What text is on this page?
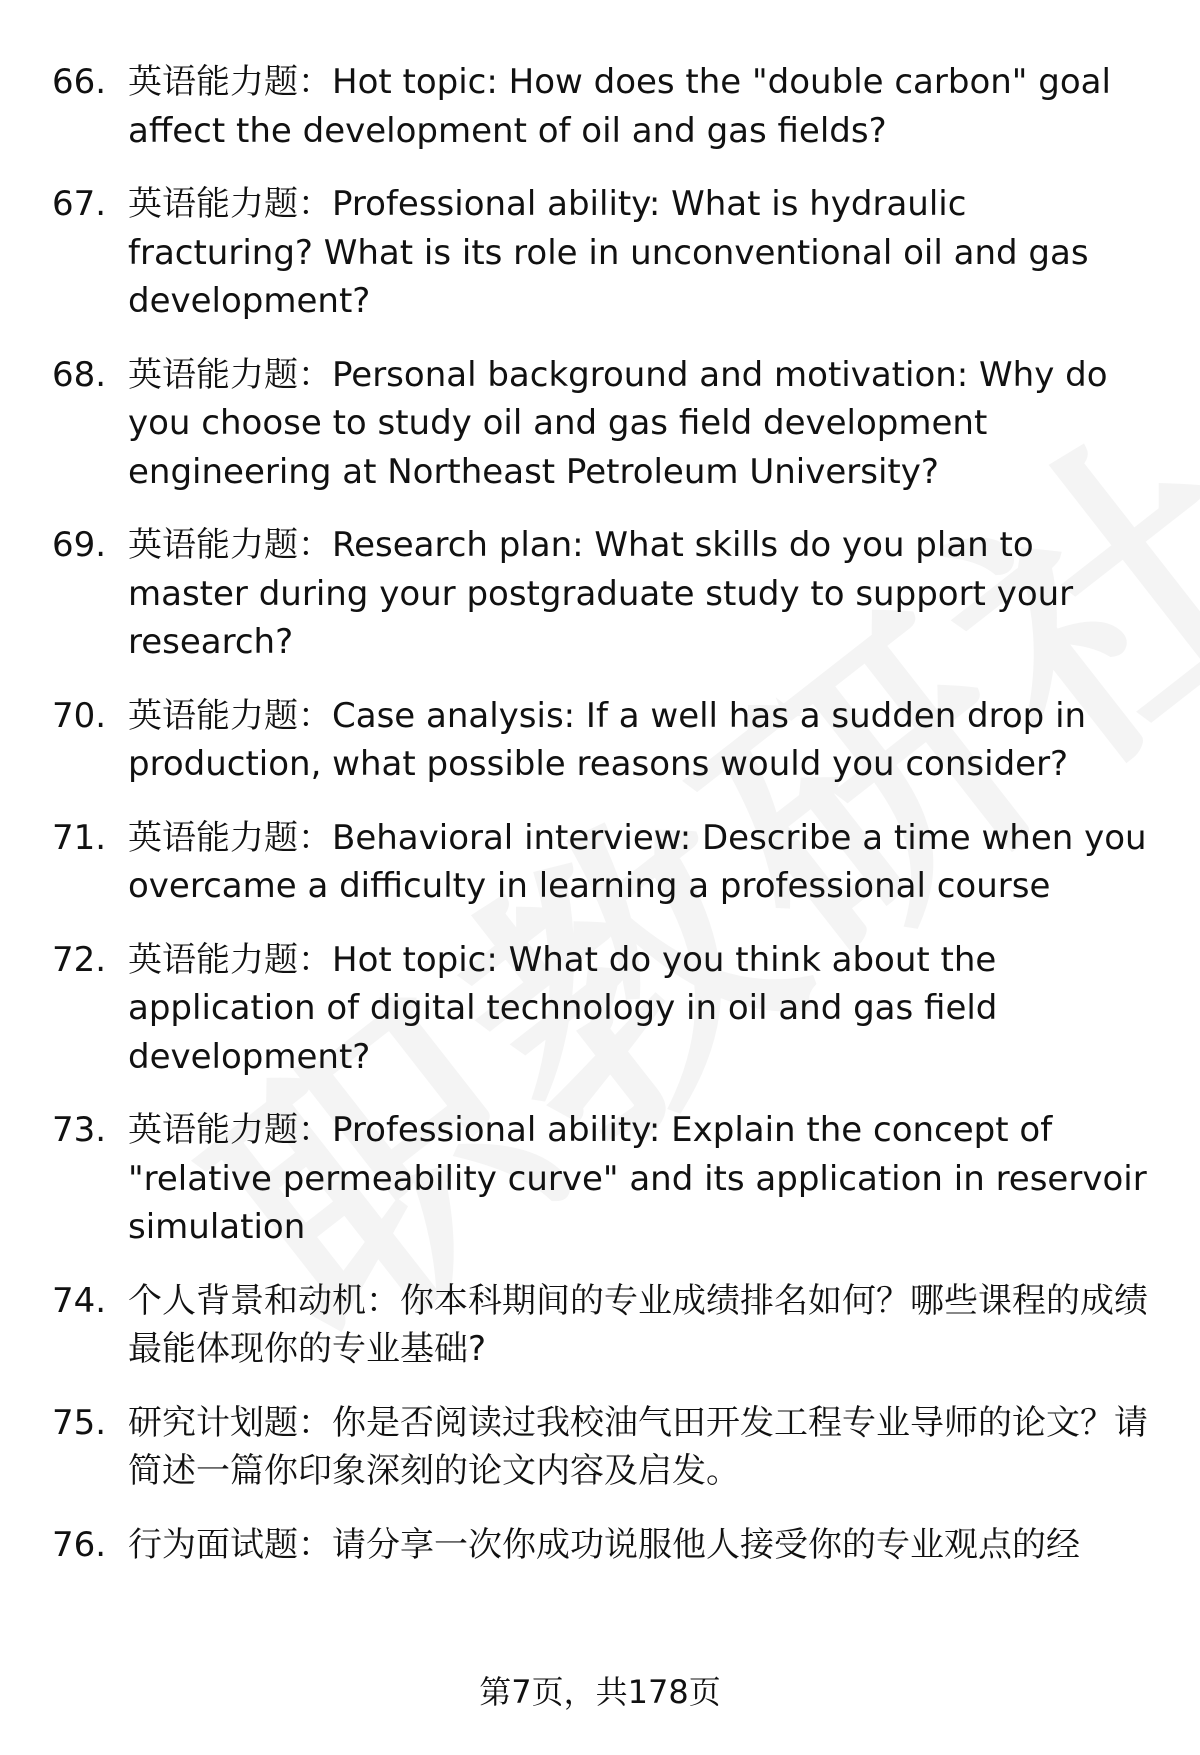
66. 英语能力题：Hot topic: How does the "double carbon" goal affect the development of oil and gas fields?
67. 英语能力题：Professional ability: What is hydraulic fracturing? What is its role in unconventional oil and gas development?
68. 英语能力题：Personal background and motivation: Why do you choose to study oil and gas field development engineering at Northeast Petroleum University?
69. 英语能力题：Research plan: What skills do you plan to master during your postgraduate study to support your research?
70. 英语能力题：Case analysis: If a well has a sudden drop in production, what possible reasons would you consider?
71. 英语能力题：Behavioral interview: Describe a time when you overcame a difficulty in learning a professional course
72. 英语能力题：Hot topic: What do you think about the application of digital technology in oil and gas field development?
73. 英语能力题：Professional ability: Explain the concept of "relative permeability curve" and its application in reservoir simulation
74. 个人背景和动机：你本科期间的专业成绩排名如何？哪些课程的成绩最能体现你的专业基础?
75. 研究计划题：你是否阅读过我校油气田开发工程专业导师的论文？请简述一篇你印象深刻的论文内容及启发。
76. 行为面试题：请分享一次你成功说服他人接受你的专业观点的经
第7页，共178页
